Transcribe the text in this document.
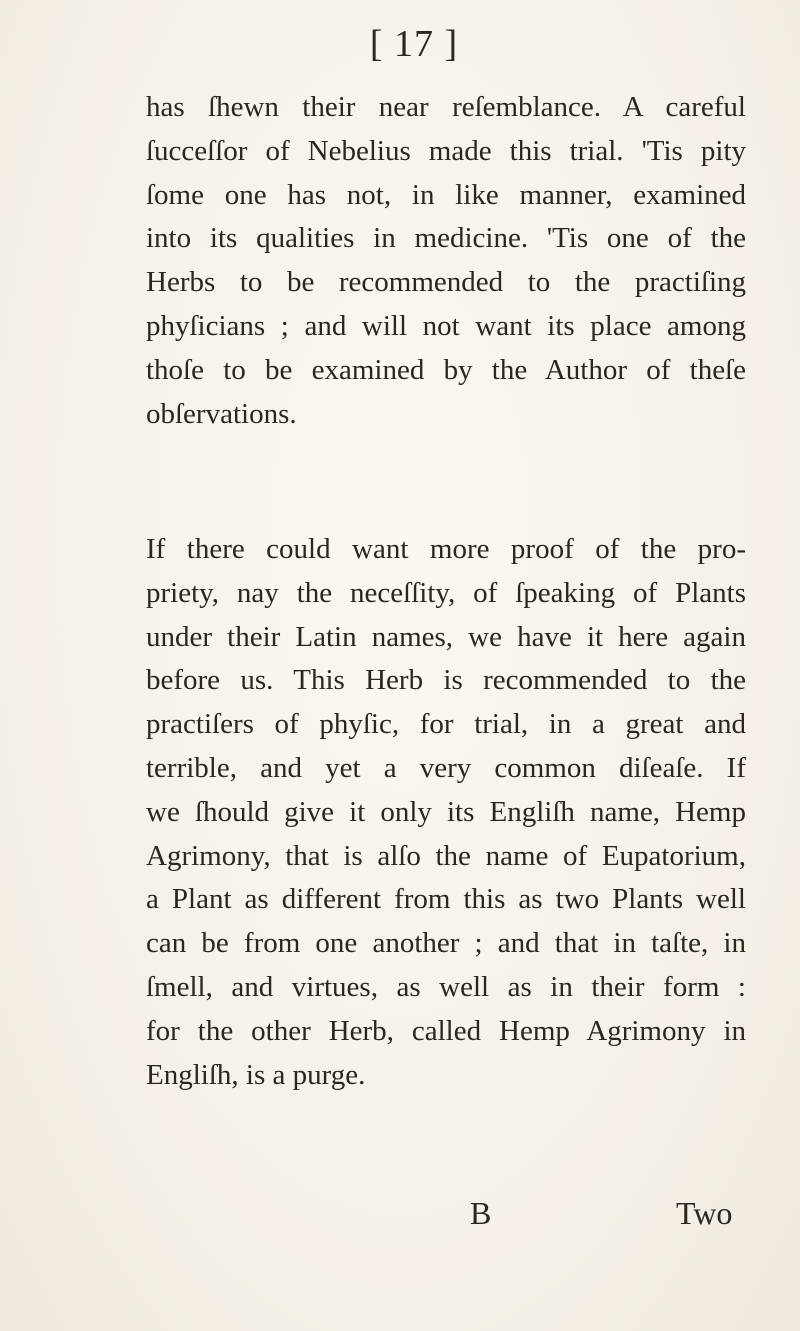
[ 17 ]
has ſhewn their near reſemblance. A careful
ſucceſſor of Nebelius made this trial. 'Tis pity
ſome one has not, in like manner, examined
into its qualities in medicine. 'Tis one of the
Herbs to be recommended to the practiſing
phyſicians ; and will not want its place among
thoſe to be examined by the Author of theſe
obſervations.
If there could want more proof of the pro-
priety, nay the neceſſity, of ſpeaking of Plants
under their Latin names, we have it here again
before us. This Herb is recommended to the
practiſers of phyſic, for trial, in a great and
terrible, and yet a very common diſeaſe. If
we ſhould give it only its Engliſh name, Hemp
Agrimony, that is alſo the name of Eupatorium,
a Plant as different from this as two Plants well
can be from one another ; and that in taſte, in
ſmell, and virtues, as well as in their form :
for the other Herb, called Hemp Agrimony in
Engliſh, is a purge.
B	Two
